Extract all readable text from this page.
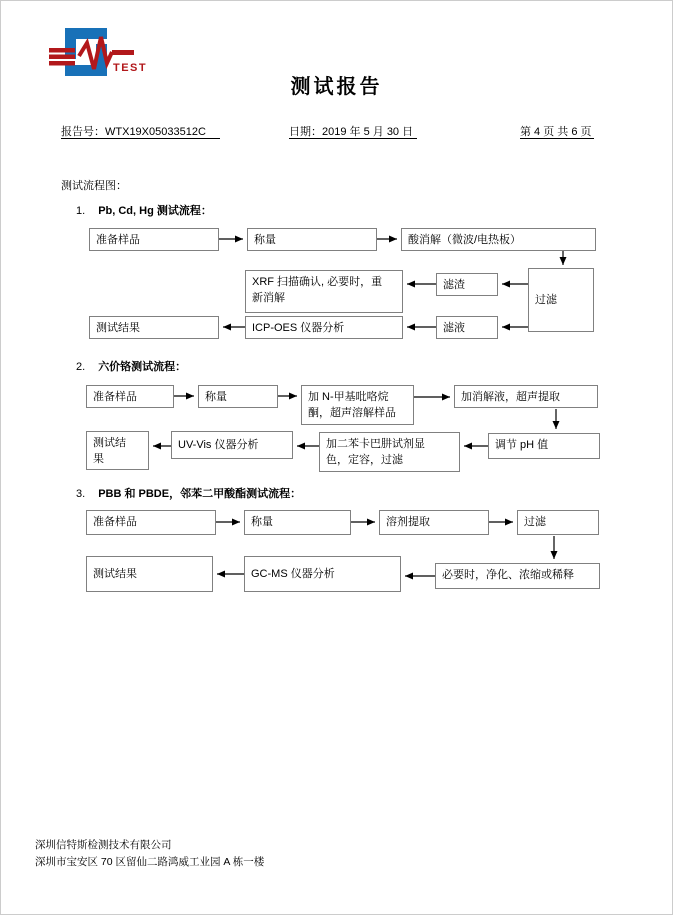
TEST
测试报告
报告号：WTX19X05033512C	日期：2019 年 5 月 30 日	第 4 页 共 6 页
测试流程图：
1. Pb, Cd, Hg 测试流程：
准备样品	称量	酸消解（微波/电热板）
过滤
滤渣
XRF 扫描确认, 必要时，重新消解
滤液
ICP-OES 仪器分析
测试结果
2. 六价铬测试流程：
准备样品	称量	加 N-甲基吡咯烷酮，超声溶解样品
加消解液，超声提取
调节 pH 值
加二苯卡巴肼试剂显色，定容，过滤
UV-Vis 仪器分析
测试结果
3. PBB 和 PBDE，邻苯二甲酸酯测试流程：
准备样品	称量	溶剂提取	过滤
必要时，净化、浓缩或稀释
GC-MS 仪器分析
测试结果
深圳信特斯检测技术有限公司
深圳市宝安区 70 区留仙二路鸿威工业园 A 栋一楼
